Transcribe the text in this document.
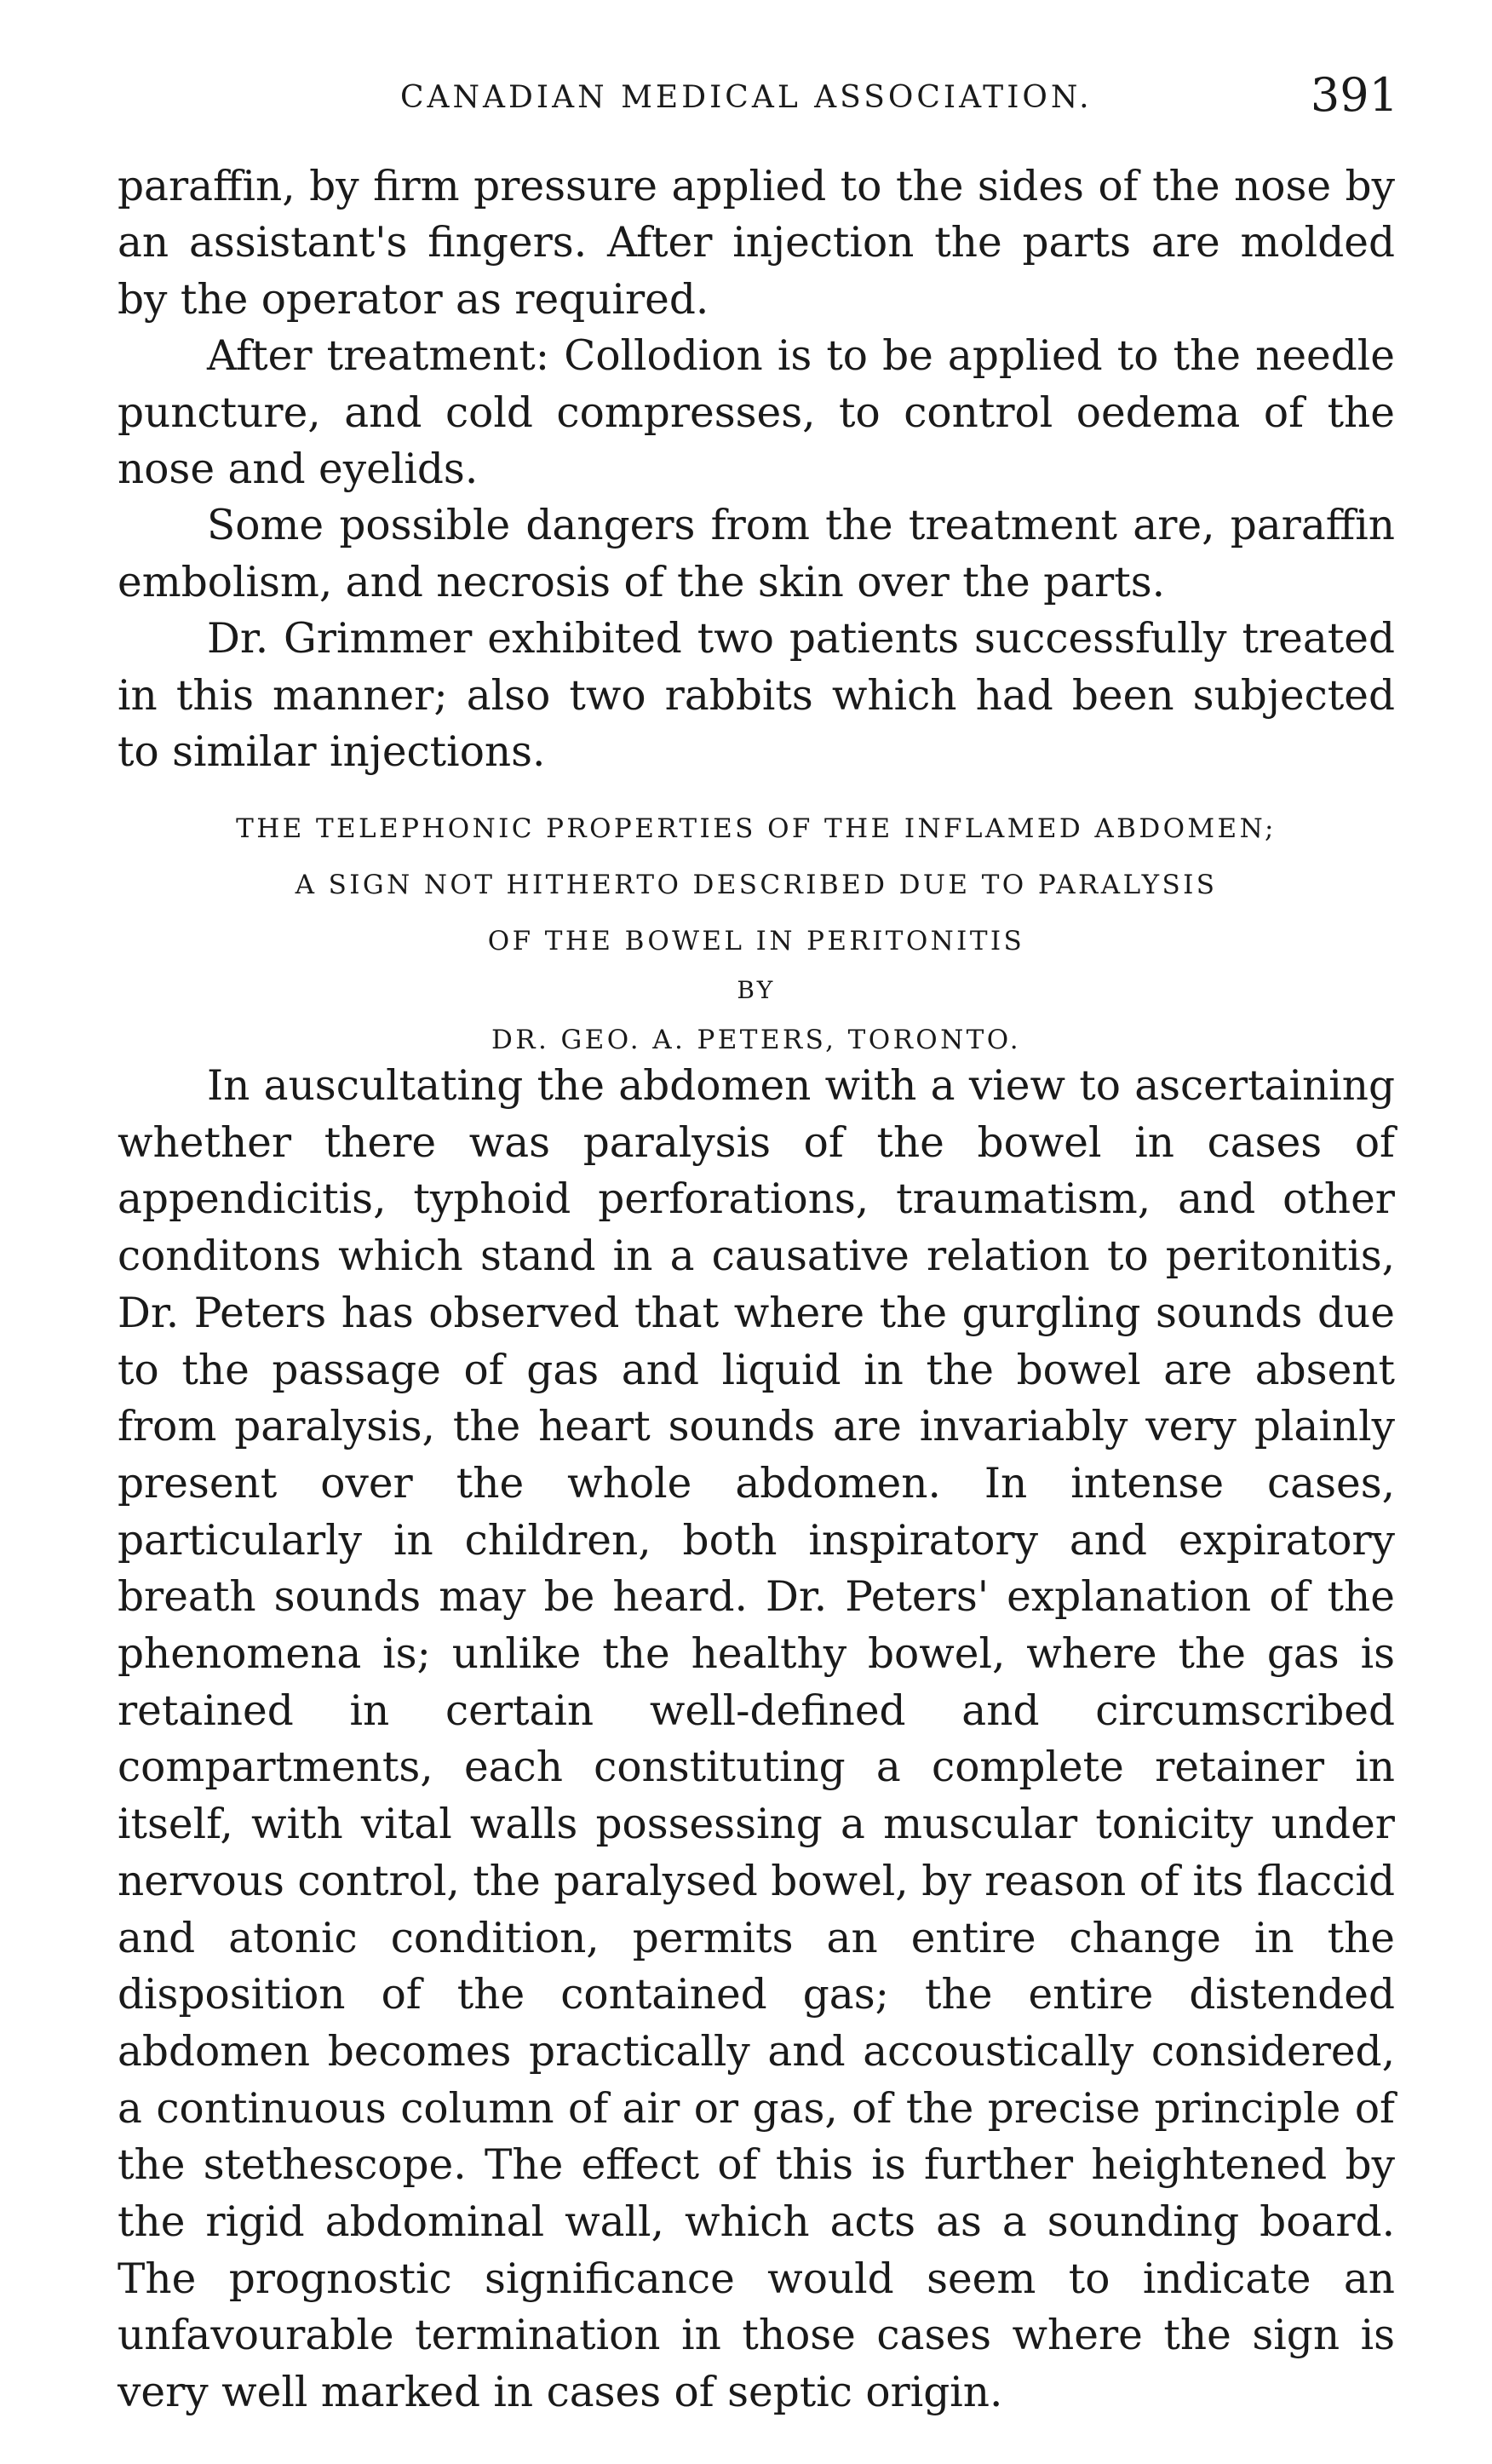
CANADIAN MEDICAL ASSOCIATION.	391

paraffin, by firm pressure applied to the sides of the nose by an assistant's fingers. After injection the parts are molded by the operator as required.

After treatment: Collodion is to be applied to the needle puncture, and cold compresses, to control oedema of the nose and eyelids.

Some possible dangers from the treatment are, paraffin embolism, and necrosis of the skin over the parts.

Dr. Grimmer exhibited two patients successfully treated in this manner; also two rabbits which had been subjected to similar injections.

THE TELEPHONIC PROPERTIES OF THE INFLAMED ABDOMEN;
A SIGN NOT HITHERTO DESCRIBED DUE TO PARALYSIS
OF THE BOWEL IN PERITONITIS
BY
DR. GEO. A. PETERS, TORONTO.

In auscultating the abdomen with a view to ascertaining whether there was paralysis of the bowel in cases of appendicitis, typhoid perforations, traumatism, and other conditons which stand in a causative relation to peritonitis, Dr. Peters has observed that where the gurgling sounds due to the passage of gas and liquid in the bowel are absent from paralysis, the heart sounds are invariably very plainly present over the whole abdomen. In intense cases, particularly in children, both inspiratory and expiratory breath sounds may be heard. Dr. Peters' explanation of the phenomena is; unlike the healthy bowel, where the gas is retained in certain well-defined and circumscribed compartments, each constituting a complete retainer in itself, with vital walls possessing a muscular tonicity under nervous control, the paralysed bowel, by reason of its flaccid and atonic condition, permits an entire change in the disposition of the contained gas; the entire distended abdomen becomes practically and accoustically considered, a continuous column of air or gas, of the precise principle of the stethescope. The effect of this is further heightened by the rigid abdominal wall, which acts as a sounding board. The prognostic significance would seem to indicate an unfavourable termination in those cases where the sign is very well marked in cases of septic origin.
